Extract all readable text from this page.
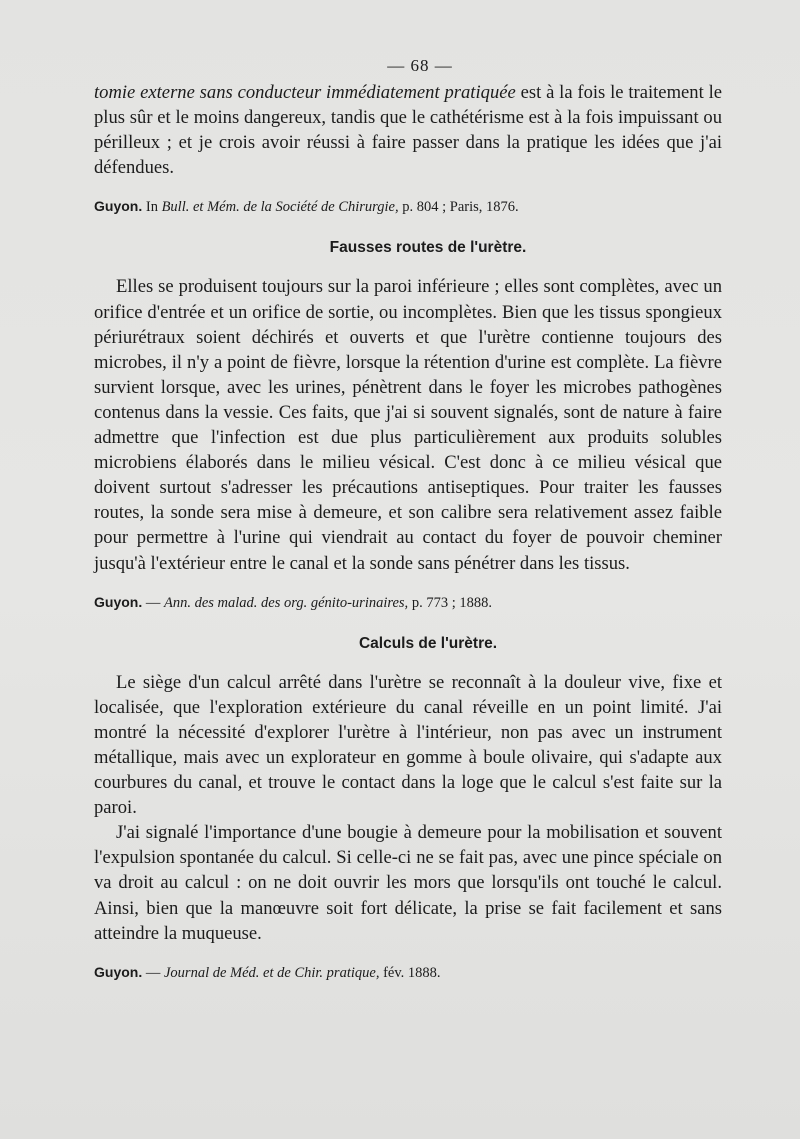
— 68 —

tomie externe sans conducteur immédiatement pratiquée est à la fois le traitement le plus sûr et le moins dangereux, tandis que le cathétérisme est à la fois impuissant ou périlleux ; et je crois avoir réussi à faire passer dans la pratique les idées que j'ai défendues.

Guyon. In Bull. et Mém. de la Société de Chirurgie, p. 804 ; Paris, 1876.

Fausses routes de l'urètre.

Elles se produisent toujours sur la paroi inférieure ; elles sont complètes, avec un orifice d'entrée et un orifice de sortie, ou incomplètes. Bien que les tissus spongieux périurétraux soient déchirés et ouverts et que l'urètre contienne toujours des microbes, il n'y a point de fièvre, lorsque la rétention d'urine est complète. La fièvre survient lorsque, avec les urines, pénètrent dans le foyer les microbes pathogènes contenus dans la vessie. Ces faits, que j'ai si souvent signalés, sont de nature à faire admettre que l'infection est due plus particulièrement aux produits solubles microbiens élaborés dans le milieu vésical. C'est donc à ce milieu vésical que doivent surtout s'adresser les précautions antiseptiques. Pour traiter les fausses routes, la sonde sera mise à demeure, et son calibre sera relativement assez faible pour permettre à l'urine qui viendrait au contact du foyer de pouvoir cheminer jusqu'à l'extérieur entre le canal et la sonde sans pénétrer dans les tissus.

Guyon. — Ann. des malad. des org. génito-urinaires, p. 773 ; 1888.

Calculs de l'urètre.

Le siège d'un calcul arrêté dans l'urètre se reconnaît à la douleur vive, fixe et localisée, que l'exploration extérieure du canal réveille en un point limité. J'ai montré la nécessité d'explorer l'urètre à l'intérieur, non pas avec un instrument métallique, mais avec un explorateur en gomme à boule olivaire, qui s'adapte aux courbures du canal, et trouve le contact dans la loge que le calcul s'est faite sur la paroi.

J'ai signalé l'importance d'une bougie à demeure pour la mobilisation et souvent l'expulsion spontanée du calcul. Si celle-ci ne se fait pas, avec une pince spéciale on va droit au calcul : on ne doit ouvrir les mors que lorsqu'ils ont touché le calcul. Ainsi, bien que la manœuvre soit fort délicate, la prise se fait facilement et sans atteindre la muqueuse.

Guyon. — Journal de Méd. et de Chir. pratique, fév. 1888.
